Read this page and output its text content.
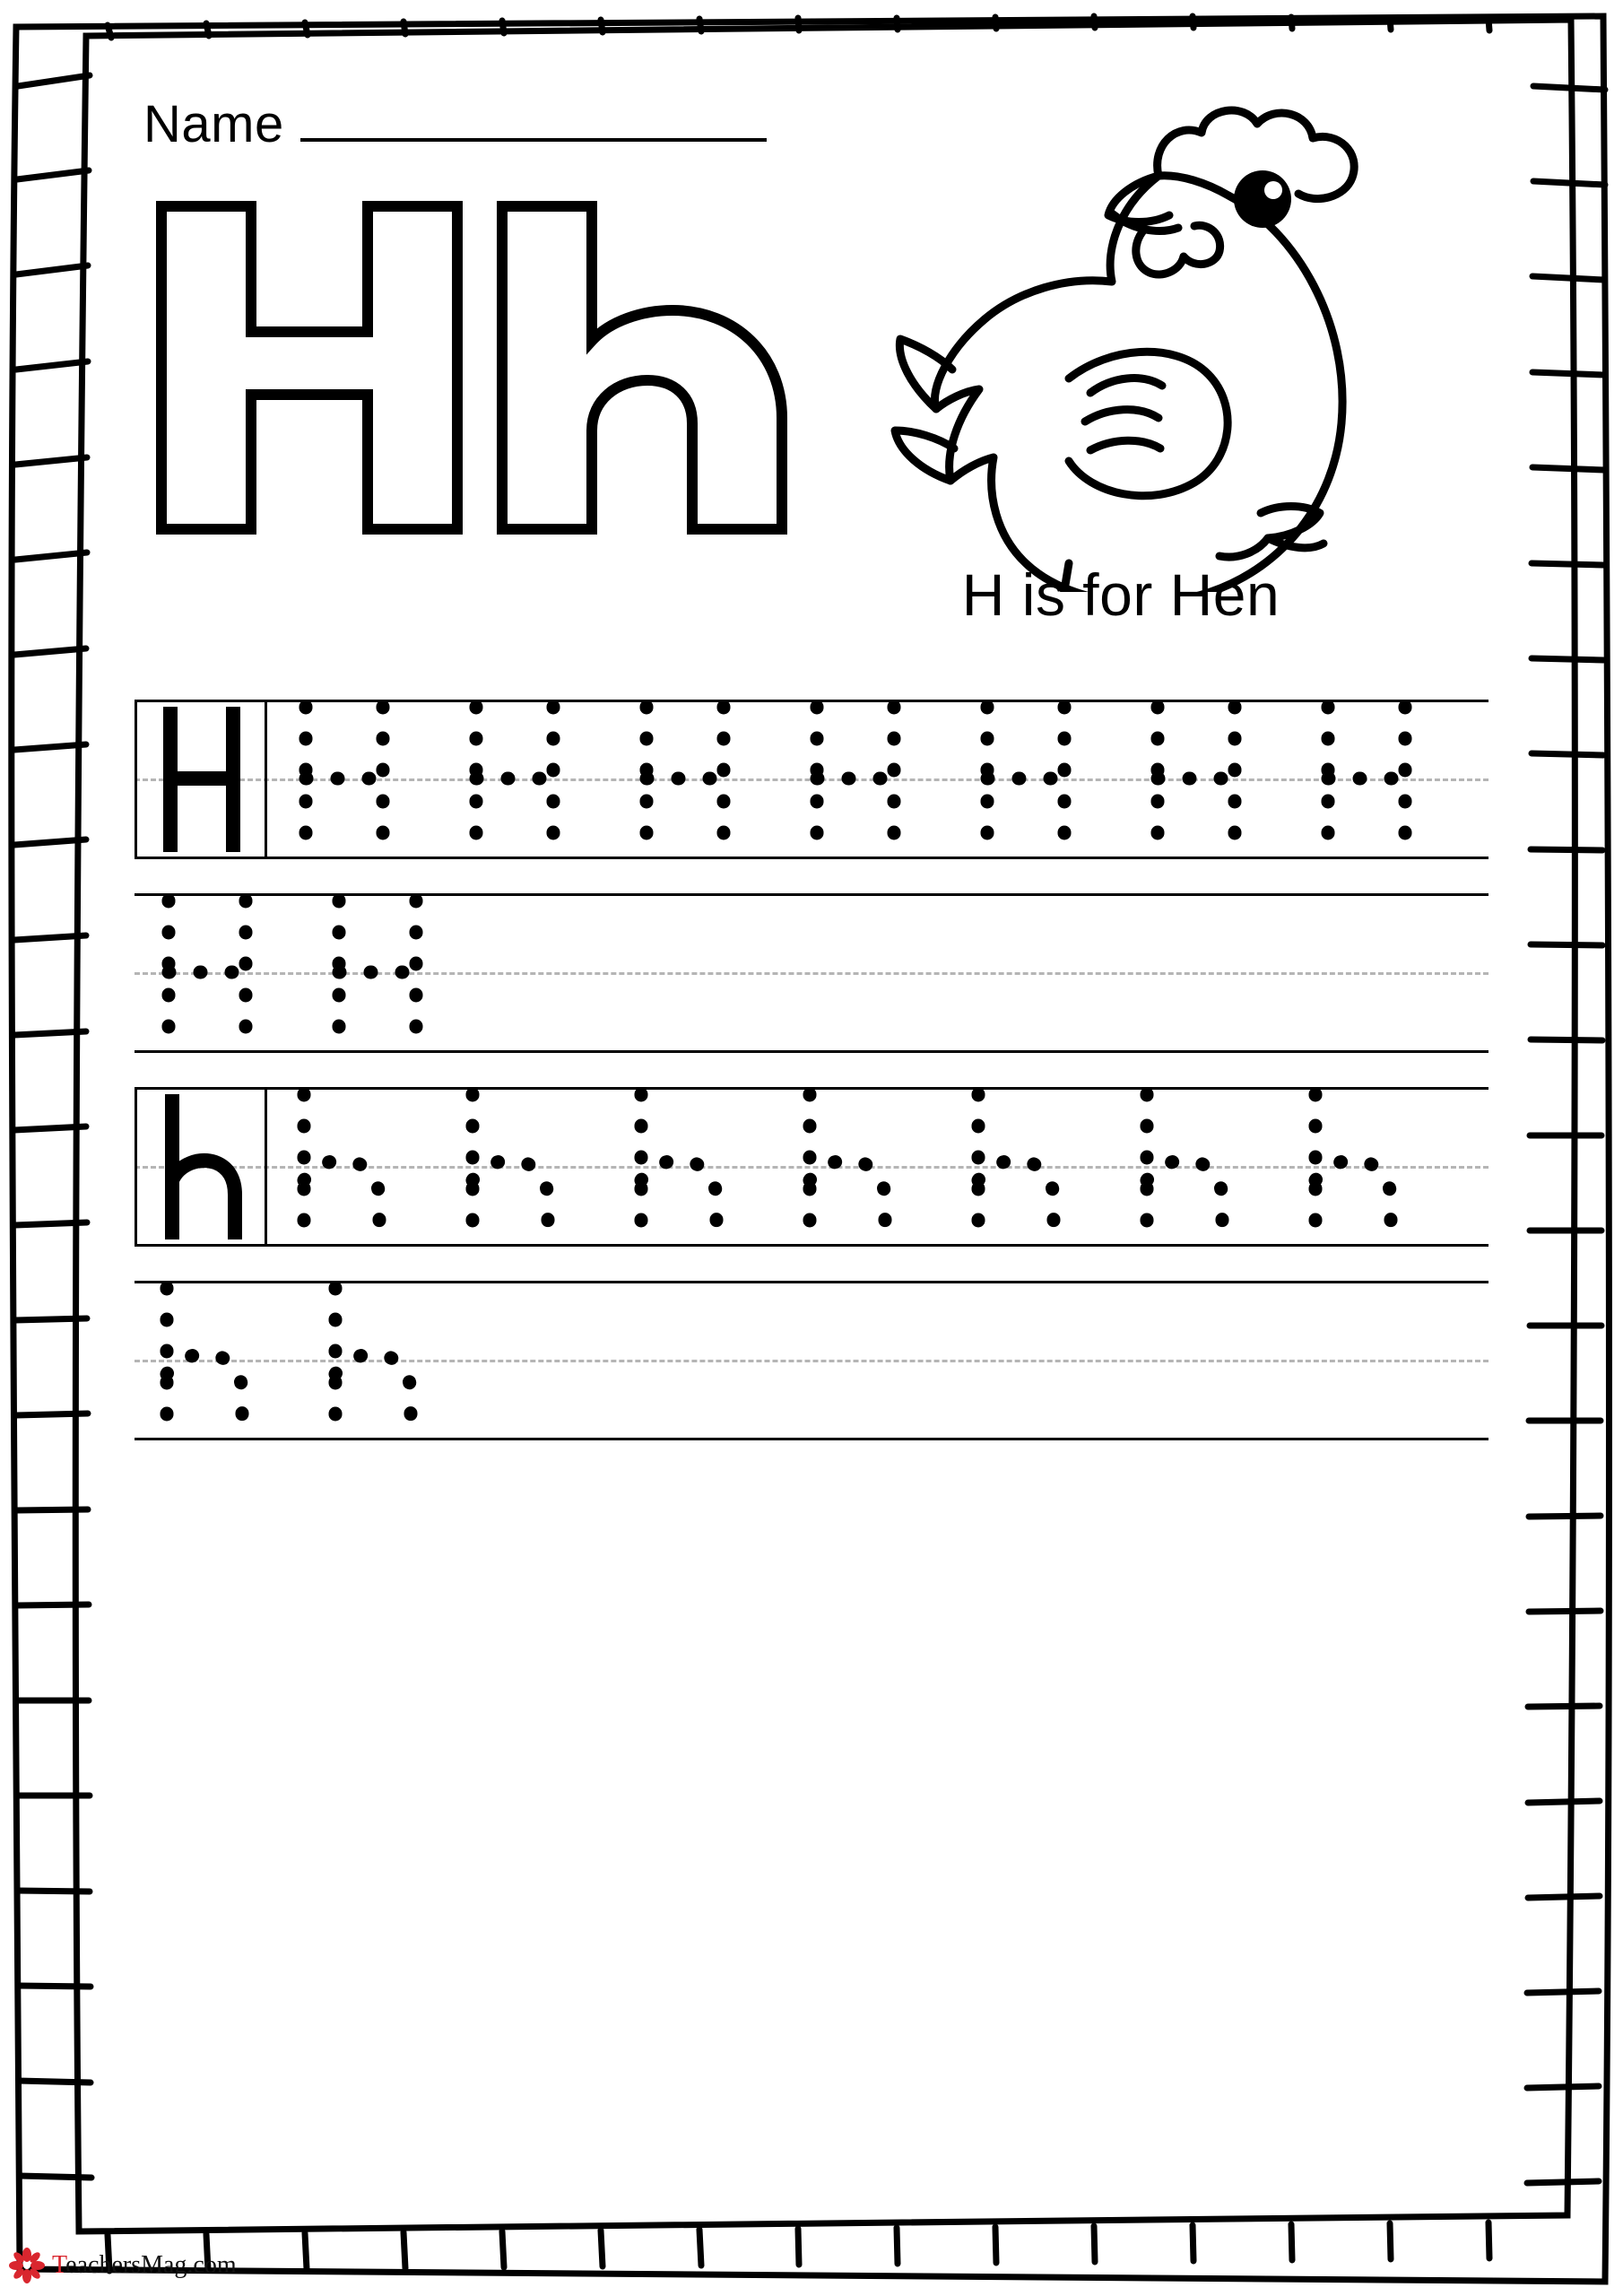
Name
H is for Hen
TeachersMag.com
